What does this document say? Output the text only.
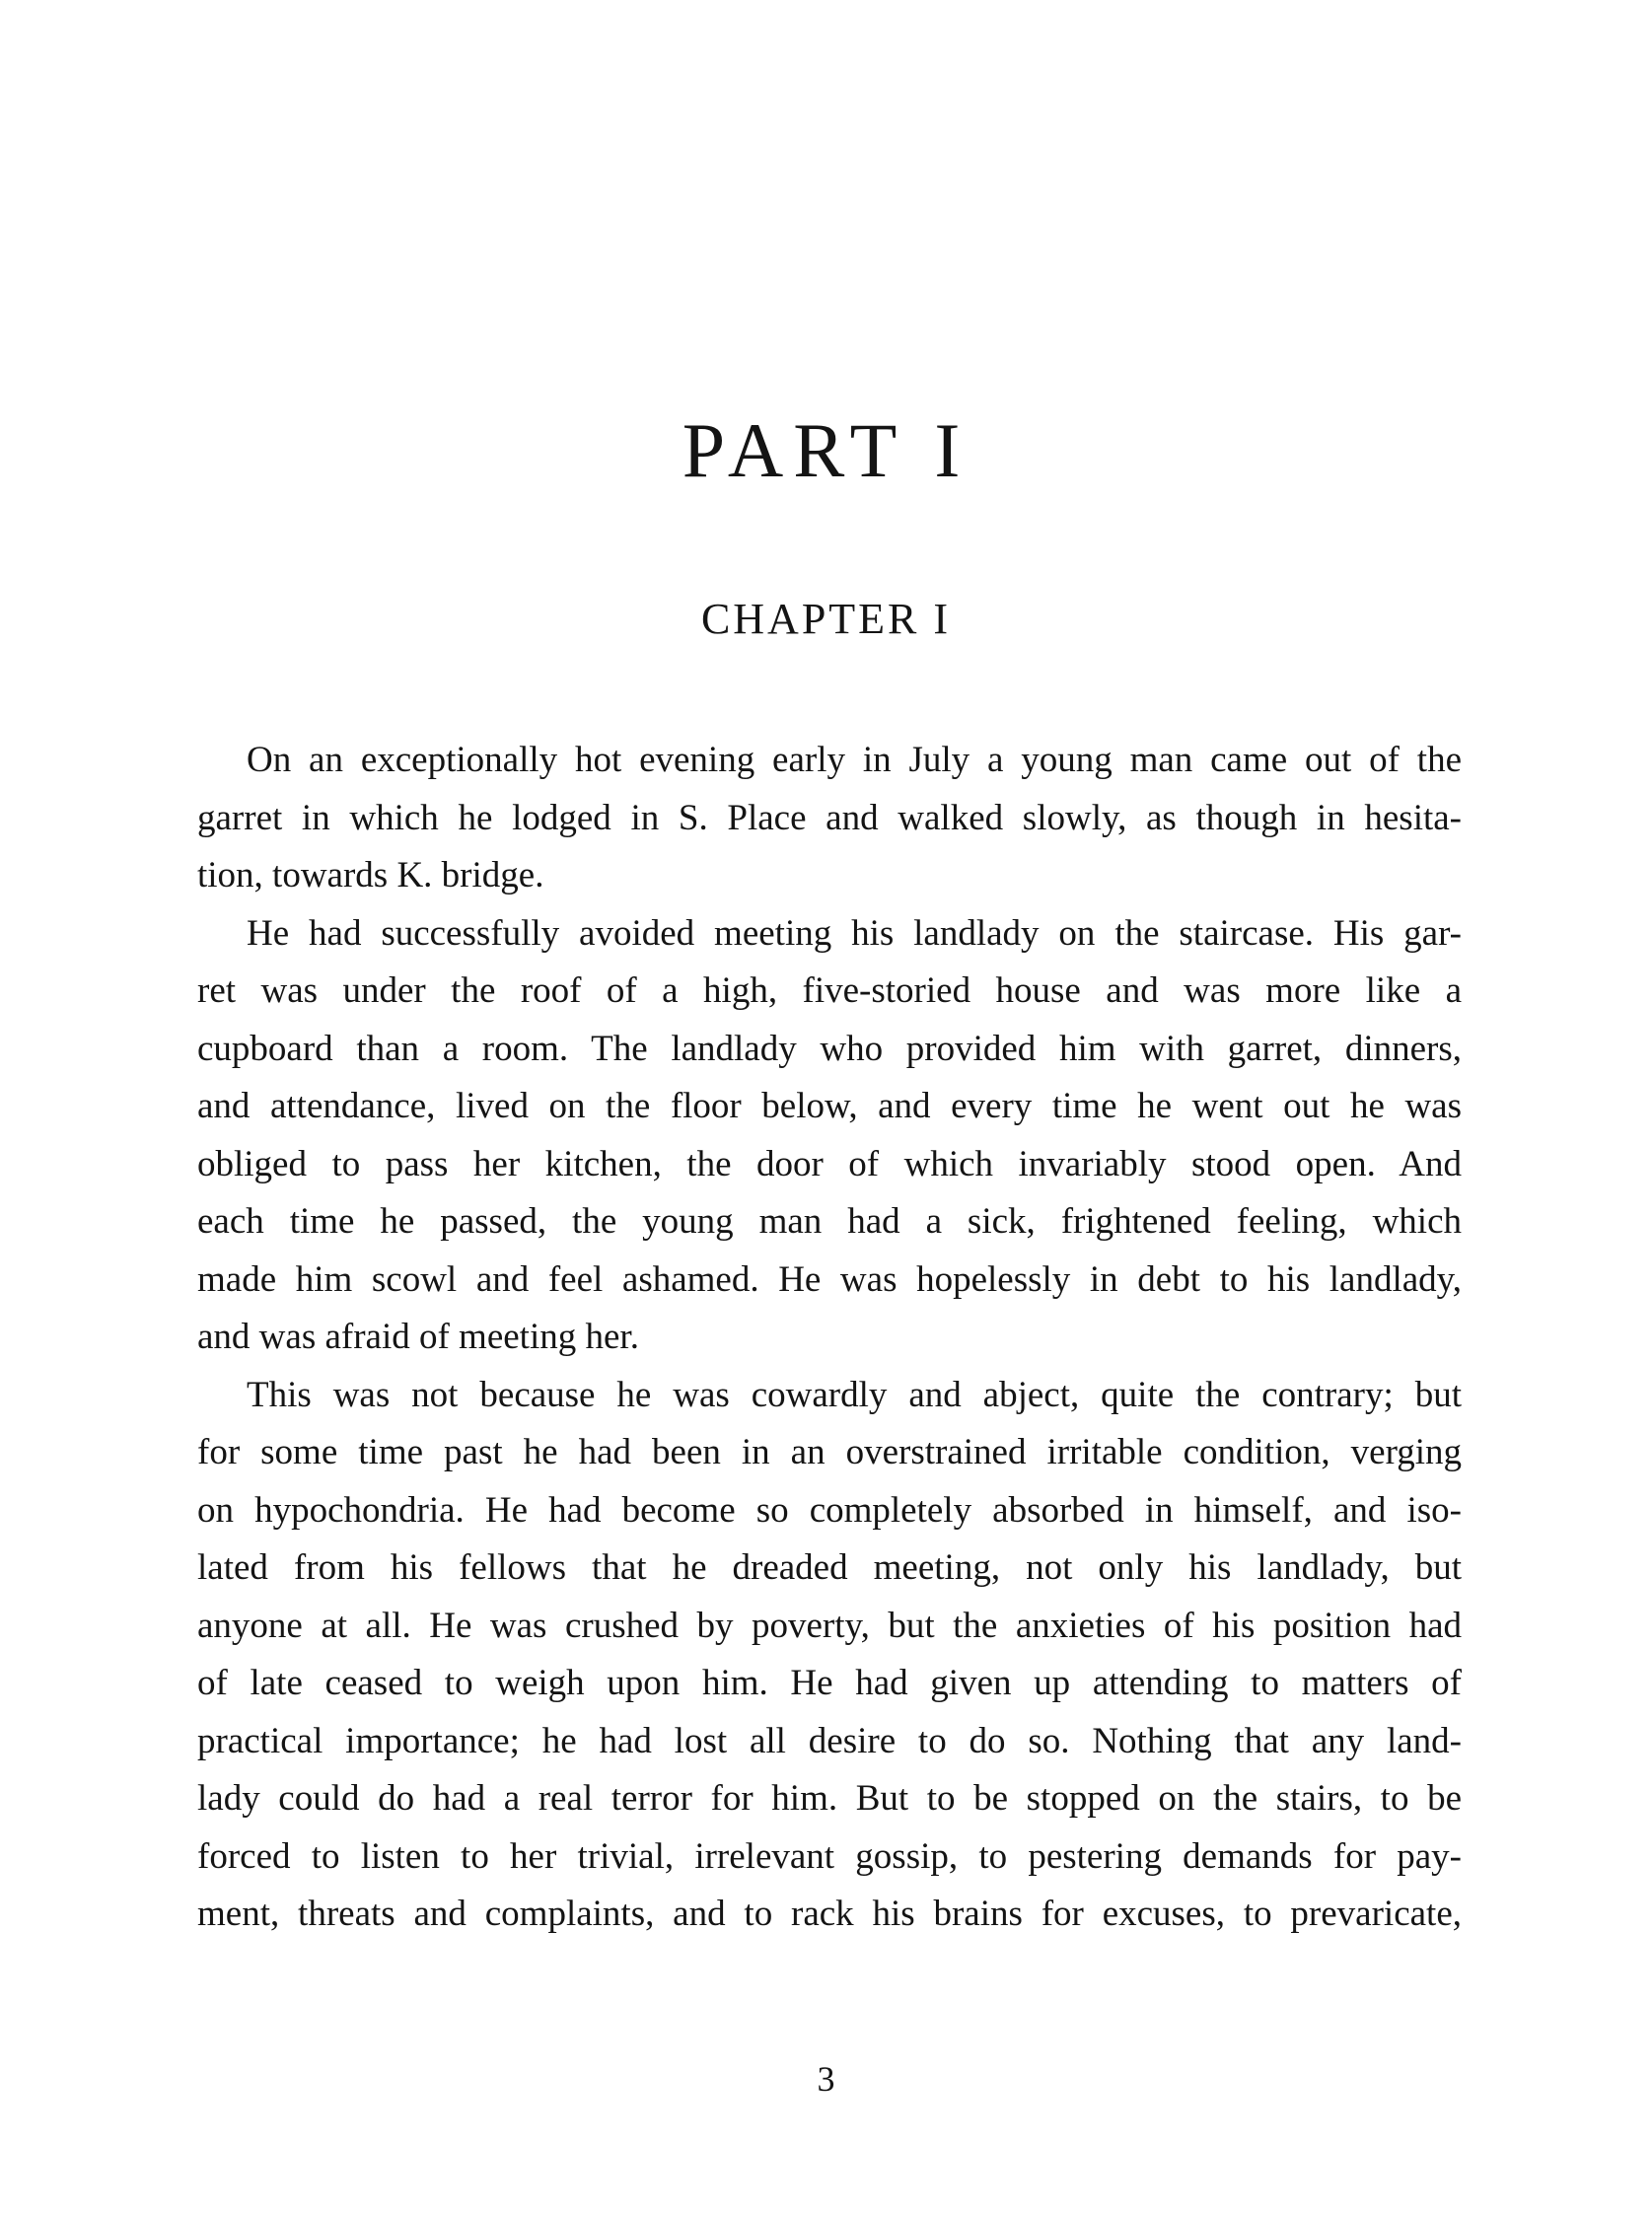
PART I
CHAPTER I
On an exceptionally hot evening early in July a young man came out of the
garret in which he lodged in S. Place and walked slowly, as though in hesita-
tion, towards K. bridge.
He had successfully avoided meeting his landlady on the staircase. His gar-
ret was under the roof of a high, five-storied house and was more like a
cupboard than a room. The landlady who provided him with garret, dinners,
and attendance, lived on the floor below, and every time he went out he was
obliged to pass her kitchen, the door of which invariably stood open. And
each time he passed, the young man had a sick, frightened feeling, which
made him scowl and feel ashamed. He was hopelessly in debt to his landlady,
and was afraid of meeting her.
This was not because he was cowardly and abject, quite the contrary; but
for some time past he had been in an overstrained irritable condition, verging
on hypochondria. He had become so completely absorbed in himself, and iso-
lated from his fellows that he dreaded meeting, not only his landlady, but
anyone at all. He was crushed by poverty, but the anxieties of his position had
of late ceased to weigh upon him. He had given up attending to matters of
practical importance; he had lost all desire to do so. Nothing that any land-
lady could do had a real terror for him. But to be stopped on the stairs, to be
forced to listen to her trivial, irrelevant gossip, to pestering demands for pay-
ment, threats and complaints, and to rack his brains for excuses, to prevaricate,
3
